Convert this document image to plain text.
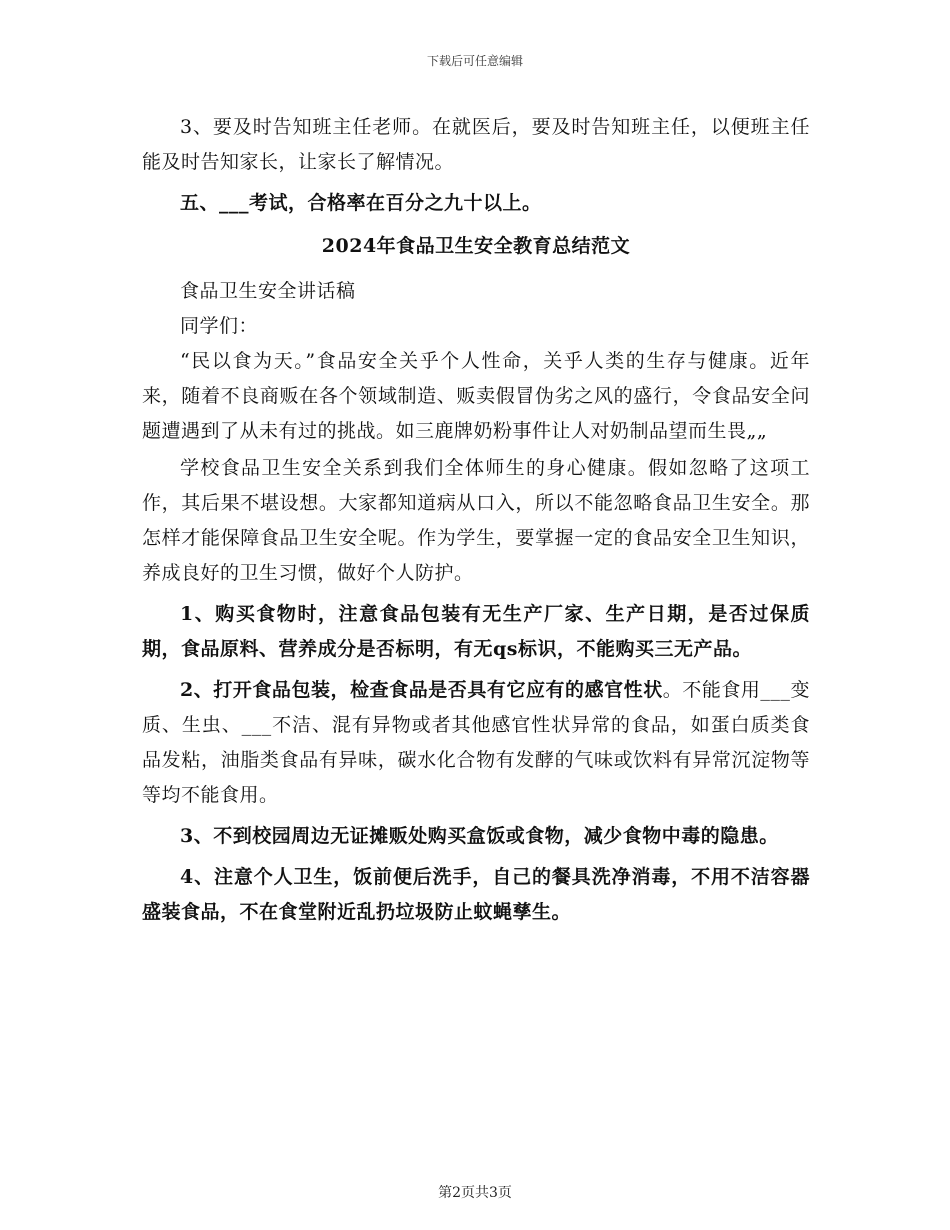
下载后可任意编辑

3、要及时告知班主任老师。在就医后，要及时告知班主任，以便班主任能及时告知家长，让家长了解情况。

五、___考试，合格率在百分之九十以上。

2024年食品卫生安全教育总结范文

食品卫生安全讲话稿

同学们：

“民以食为天。”食品安全关乎个人性命，关乎人类的生存与健康。近年来，随着不良商贩在各个领域制造、贩卖假冒伪劣之风的盛行，令食品安全问题遭遇到了从未有过的挑战。如三鹿牌奶粉事件让人对奶制品望而生畏„„

学校食品卫生安全关系到我们全体师生的身心健康。假如忽略了这项工作，其后果不堪设想。大家都知道病从口入，所以不能忽略食品卫生安全。那怎样才能保障食品卫生安全呢。作为学生，要掌握一定的食品安全卫生知识，养成良好的卫生习惯，做好个人防护。

1、购买食物时，注意食品包装有无生产厂家、生产日期，是否过保质期，食品原料、营养成分是否标明，有无qs标识，不能购买三无产品。

2、打开食品包装，检查食品是否具有它应有的感官性状。不能食用___变质、生虫、___不洁、混有异物或者其他感官性状异常的食品，如蛋白质类食品发粘，油脂类食品有异味，碳水化合物有发酵的气味或饮料有异常沉淀物等等均不能食用。

3、不到校园周边无证摊贩处购买盒饭或食物，减少食物中毒的隐患。

4、注意个人卫生，饭前便后洗手，自己的餐具洗净消毒，不用不洁容器盛装食品，不在食堂附近乱扔垃圾防止蚊蝇孳生。

第2页共3页
